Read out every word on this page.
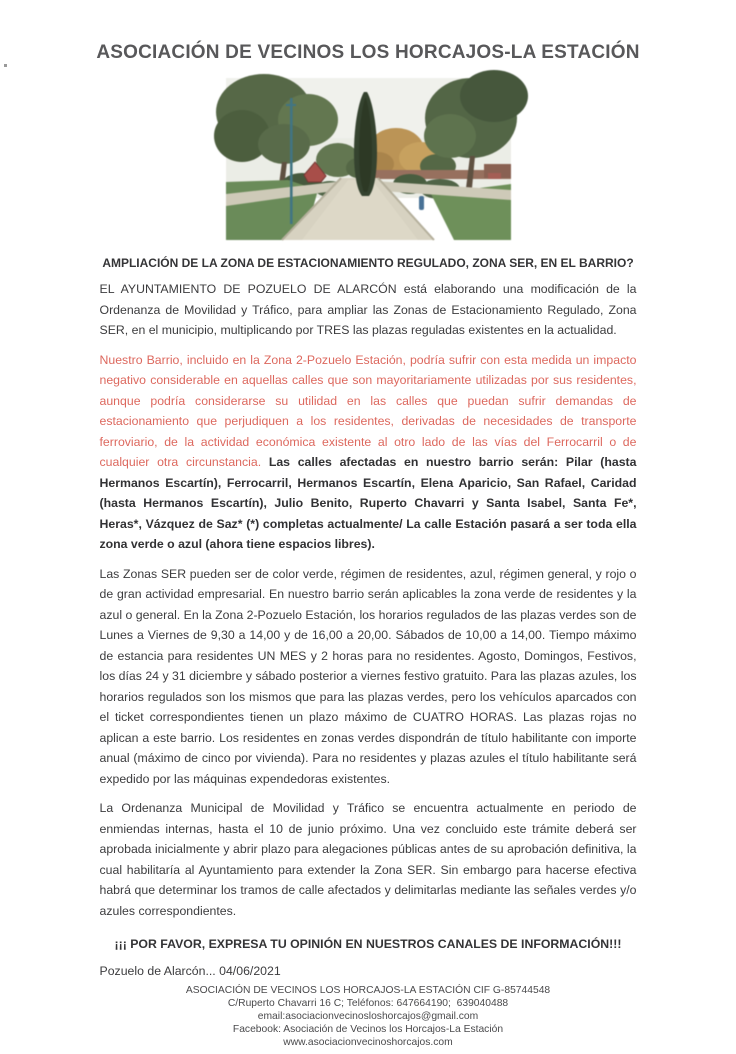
ASOCIACIÓN DE VECINOS LOS HORCAJOS-LA ESTACIÓN

AMPLIACIÓN DE LA ZONA DE ESTACIONAMIENTO REGULADO, ZONA SER, EN EL BARRIO?

EL AYUNTAMIENTO DE POZUELO DE ALARCÓN está elaborando una modificación de la Ordenanza de Movilidad y Tráfico, para ampliar las Zonas de Estacionamiento Regulado, Zona SER, en el municipio, multiplicando por TRES las plazas reguladas existentes en la actualidad.

Nuestro Barrio, incluido en la Zona 2-Pozuelo Estación, podría sufrir con esta medida un impacto negativo considerable en aquellas calles que son mayoritariamente utilizadas por sus residentes, aunque podría considerarse su utilidad en las calles que puedan sufrir demandas de estacionamiento que perjudiquen a los residentes, derivadas de necesidades de transporte ferroviario, de la actividad económica existente al otro lado de las vías del Ferrocarril o de cualquier otra circunstancia. Las calles afectadas en nuestro barrio serán: Pilar (hasta Hermanos Escartín), Ferrocarril, Hermanos Escartín, Elena Aparicio, San Rafael, Caridad (hasta Hermanos Escartín), Julio Benito, Ruperto Chavarri y Santa Isabel, Santa Fe*, Heras*, Vázquez de Saz* (*) completas actualmente/ La calle Estación pasará a ser toda ella zona verde o azul (ahora tiene espacios libres).

Las Zonas SER pueden ser de color verde, régimen de residentes, azul, régimen general, y rojo o de gran actividad empresarial. En nuestro barrio serán aplicables la zona verde de residentes y la azul o general. En la Zona 2-Pozuelo Estación, los horarios regulados de las plazas verdes son de Lunes a Viernes de 9,30 a 14,00 y de 16,00 a 20,00. Sábados de 10,00 a 14,00. Tiempo máximo de estancia para residentes UN MES y 2 horas para no residentes. Agosto, Domingos, Festivos, los días 24 y 31 diciembre y sábado posterior a viernes festivo gratuito. Para las plazas azules, los horarios regulados son los mismos que para las plazas verdes, pero los vehículos aparcados con el ticket correspondientes tienen un plazo máximo de CUATRO HORAS. Las plazas rojas no aplican a este barrio. Los residentes en zonas verdes dispondrán de título habilitante con importe anual (máximo de cinco por vivienda). Para no residentes y plazas azules el título habilitante será expedido por las máquinas expendedoras existentes.

La Ordenanza Municipal de Movilidad y Tráfico se encuentra actualmente en periodo de enmiendas internas, hasta el 10 de junio próximo. Una vez concluido este trámite deberá ser aprobada inicialmente y abrir plazo para alegaciones públicas antes de su aprobación definitiva, la cual habilitaría al Ayuntamiento para extender la Zona SER. Sin embargo para hacerse efectiva habrá que determinar los tramos de calle afectados y delimitarlas mediante las señales verdes y/o azules correspondientes.

¡¡¡ POR FAVOR, EXPRESA TU OPINIÓN EN NUESTROS CANALES DE INFORMACIÓN!!!

Pozuelo de Alarcón... 04/06/2021

ASOCIACIÓN DE VECINOS LOS HORCAJOS-LA ESTACIÓN CIF G-85744548
C/Ruperto Chavarri 16 C; Teléfonos: 647664190;  639040488
email:asociacionvecinosloshorcajos@gmail.com
Facebook: Asociación de Vecinos los Horcajos-La Estación
www.asociacionvecinoshorcajos.com
